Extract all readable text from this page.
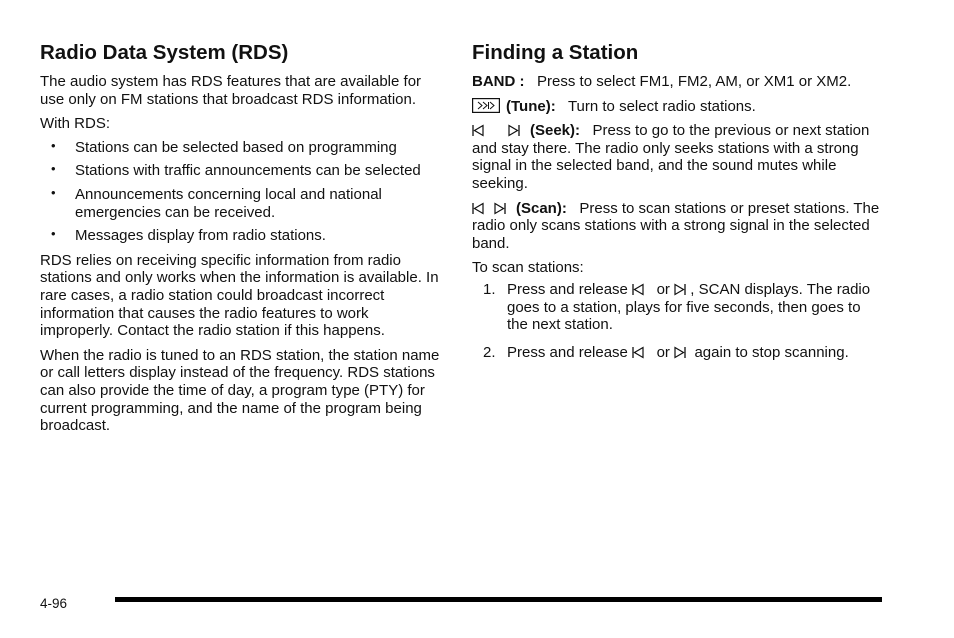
Radio Data System (RDS)

The audio system has RDS features that are available for use only on FM stations that broadcast RDS information.

With RDS:

• Stations can be selected based on programming
• Stations with traffic announcements can be selected
• Announcements concerning local and national emergencies can be received.
• Messages display from radio stations.

RDS relies on receiving specific information from radio stations and only works when the information is available. In rare cases, a radio station could broadcast incorrect information that causes the radio features to work improperly. Contact the radio station if this happens.

When the radio is tuned to an RDS station, the station name or call letters display instead of the frequency. RDS stations can also provide the time of day, a program type (PTY) for current programming, and the name of the program being broadcast.

Finding a Station

BAND : Press to select FM1, FM2, AM, or XM1 or XM2.

(Tune): Turn to select radio stations.

(Seek): Press to go to the previous or next station and stay there. The radio only seeks stations with a strong signal in the selected band, and the sound mutes while seeking.

(Scan): Press to scan stations or preset stations. The radio only scans stations with a strong signal in the selected band.

To scan stations:

1. Press and release or , SCAN displays. The radio goes to a station, plays for five seconds, then goes to the next station.
2. Press and release or again to stop scanning.
4-96
